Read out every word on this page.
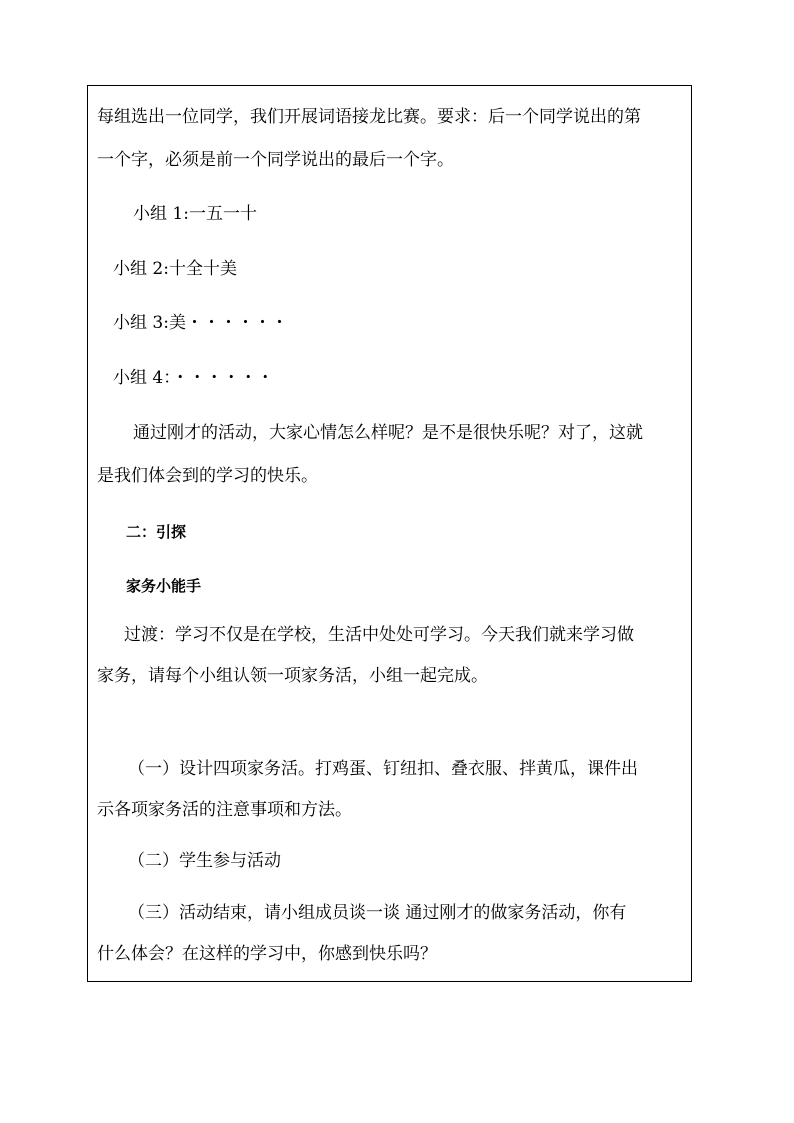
每组选出一位同学，我们开展词语接龙比赛。要求：后一个同学说出的第
一个字，必须是前一个同学说出的最后一个字。
小组 1:一五一十
小组 2:十全十美
小组 3:美・・・・・・
小组 4：・・・・・・
通过刚才的活动，大家心情怎么样呢？是不是很快乐呢？对了，这就
是我们体会到的学习的快乐。
二：引探
家务小能手
过渡：学习不仅是在学校，生活中处处可学习。今天我们就来学习做
家务，请每个小组认领一项家务活，小组一起完成。
（一）设计四项家务活。打鸡蛋、钉纽扣、叠衣服、拌黄瓜，课件出
示各项家务活的注意事项和方法。
（二）学生参与活动
（三）活动结束，请小组成员谈一谈 通过刚才的做家务活动，你有
什么体会？在这样的学习中，你感到快乐吗？
